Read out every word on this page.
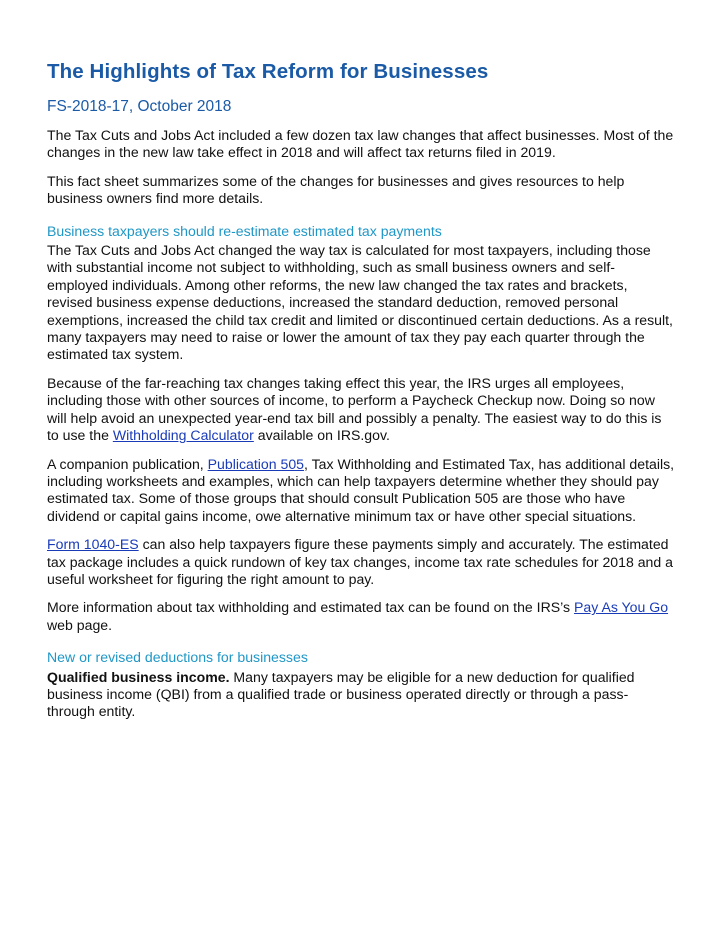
The Highlights of Tax Reform for Businesses
FS-2018-17, October 2018

The Tax Cuts and Jobs Act included a few dozen tax law changes that affect businesses. Most of the changes in the new law take effect in 2018 and will affect tax returns filed in 2019.

This fact sheet summarizes some of the changes for businesses and gives resources to help business owners find more details.

Business taxpayers should re-estimate estimated tax payments

The Tax Cuts and Jobs Act changed the way tax is calculated for most taxpayers, including those with substantial income not subject to withholding, such as small business owners and self-employed individuals. Among other reforms, the new law changed the tax rates and brackets, revised business expense deductions, increased the standard deduction, removed personal exemptions, increased the child tax credit and limited or discontinued certain deductions. As a result, many taxpayers may need to raise or lower the amount of tax they pay each quarter through the estimated tax system.

Because of the far-reaching tax changes taking effect this year, the IRS urges all employees, including those with other sources of income, to perform a Paycheck Checkup now. Doing so now will help avoid an unexpected year-end tax bill and possibly a penalty. The easiest way to do this is to use the Withholding Calculator available on IRS.gov.

A companion publication, Publication 505, Tax Withholding and Estimated Tax, has additional details, including worksheets and examples, which can help taxpayers determine whether they should pay estimated tax. Some of those groups that should consult Publication 505 are those who have dividend or capital gains income, owe alternative minimum tax or have other special situations.

Form 1040-ES can also help taxpayers figure these payments simply and accurately. The estimated tax package includes a quick rundown of key tax changes, income tax rate schedules for 2018 and a useful worksheet for figuring the right amount to pay.

More information about tax withholding and estimated tax can be found on the IRS’s Pay As You Go web page.

New or revised deductions for businesses

Qualified business income. Many taxpayers may be eligible for a new deduction for qualified business income (QBI) from a qualified trade or business operated directly or through a pass-through entity.
